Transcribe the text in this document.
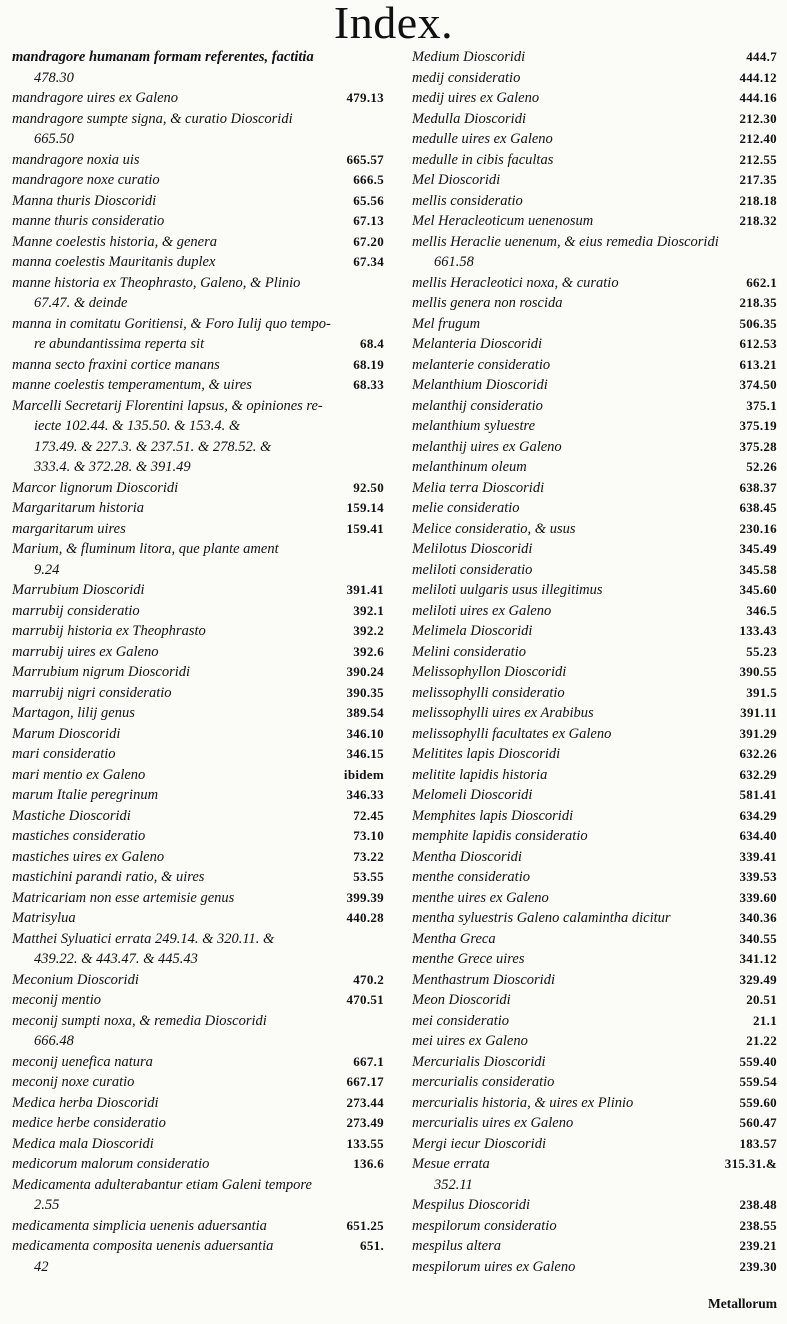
Index.
mandragore humanam formam referentes, factitia
478.30
mandragore uires ex Galeno	479.13
mandragore sumpte signa, & curatio Dioscoridi
665.50
mandragore noxia uis	665.57
mandragore noxe curatio	666.5
Manna thuris Dioscoridi	65.56
manne thuris consideratio	67.13
Manne coelestis historia, & genera	67.20
manna coelestis Mauritanis duplex	67.34
manne historia ex Theophrasto, Galeno, & Plinio
67.47. & deinde
manna in comitatu Goritiensi, & Foro Iulij quo tempo-
re abundantissima reperta sit	68.4
manna secto fraxini cortice manans	68.19
manne coelestis temperamentum, & uires	68.33
Marcelli Secretarij Florentini lapsus, & opiniones re-
iecte 102.44. & 135.50. & 153.4. &
173.49. & 227.3. & 237.51. & 278.52. &
333.4. & 372.28. & 391.49
Marcor lignorum Dioscoridi	92.50
Margaritarum historia	159.14
margaritarum uires	159.41
Marium, & fluminum litora, que plante ament
9.24
Marrubium Dioscoridi	391.41
marrubij consideratio	392.1
marrubij historia ex Theophrasto	392.2
marrubij uires ex Galeno	392.6
Marrubium nigrum Dioscoridi	390.24
marrubij nigri consideratio	390.35
Martagon, lilij genus	389.54
Marum Dioscoridi	346.10
mari consideratio	346.15
mari mentio ex Galeno	ibidem
marum Italie peregrinum	346.33
Mastiche Dioscoridi	72.45
mastiches consideratio	73.10
mastiches uires ex Galeno	73.22
mastichini parandi ratio, & uires	53.55
Matricariam non esse artemisie genus	399.39
Matrisylua	440.28
Matthei Syluatici errata 249.14. & 320.11. &
439.22. & 443.47. & 445.43
Meconium Dioscoridi	470.2
meconij mentio	470.51
meconij sumpti noxa, & remedia Dioscoridi
666.48
meconij uenefica natura	667.1
meconij noxe curatio	667.17
Medica herba Dioscoridi	273.44
medice herbe consideratio	273.49
Medica mala Dioscoridi	133.55
medicorum malorum consideratio	136.6
Medicamenta adulterabantur etiam Galeni tempore
2.55
medicamenta simplicia uenenis aduersantia	651.25
medicamenta composita uenenis aduersantia	651.
42
Medium Dioscoridi	444.7
medij consideratio	444.12
medij uires ex Galeno	444.16
Medulla Dioscoridi	212.30
medulle uires ex Galeno	212.40
medulle in cibis facultas	212.55
Mel Dioscoridi	217.35
mellis consideratio	218.18
Mel Heracleoticum uenenosum	218.32
mellis Heraclie uenenum, & eius remedia Dioscoridi
661.58
mellis Heracleotici noxa, & curatio	662.1
mellis genera non roscida	218.35
Mel frugum	506.35
Melanteria Dioscoridi	612.53
melanterie consideratio	613.21
Melanthium Dioscoridi	374.50
melanthij consideratio	375.1
melanthium syluestre	375.19
melanthij uires ex Galeno	375.28
melanthinum oleum	52.26
Melia terra Dioscoridi	638.37
melie consideratio	638.45
Melice consideratio, & usus	230.16
Melilotus Dioscoridi	345.49
meliloti consideratio	345.58
meliloti uulgaris usus illegitimus	345.60
meliloti uires ex Galeno	346.5
Melimela Dioscoridi	133.43
Melini consideratio	55.23
Melissophyllon Dioscoridi	390.55
melissophylli consideratio	391.5
melissophylli uires ex Arabibus	391.11
melissophylli facultates ex Galeno	391.29
Melitites lapis Dioscoridi	632.26
melitite lapidis historia	632.29
Melomeli Dioscoridi	581.41
Memphites lapis Dioscoridi	634.29
memphite lapidis consideratio	634.40
Mentha Dioscoridi	339.41
menthe consideratio	339.53
menthe uires ex Galeno	339.60
mentha syluestris Galeno calamintha dicitur	340.36
Mentha Greca	340.55
menthe Grece uires	341.12
Menthastrum Dioscoridi	329.49
Meon Dioscoridi	20.51
mei consideratio	21.1
mei uires ex Galeno	21.22
Mercurialis Dioscoridi	559.40
mercurialis consideratio	559.54
mercurialis historia, & uires ex Plinio	559.60
mercurialis uires ex Galeno	560.47
Mergi iecur Dioscoridi	183.57
Mesue errata	315.31.&
352.11
Mespilus Dioscoridi	238.48
mespilorum consideratio	238.55
mespilus altera	239.21
mespilorum uires ex Galeno	239.30
Metallorum
